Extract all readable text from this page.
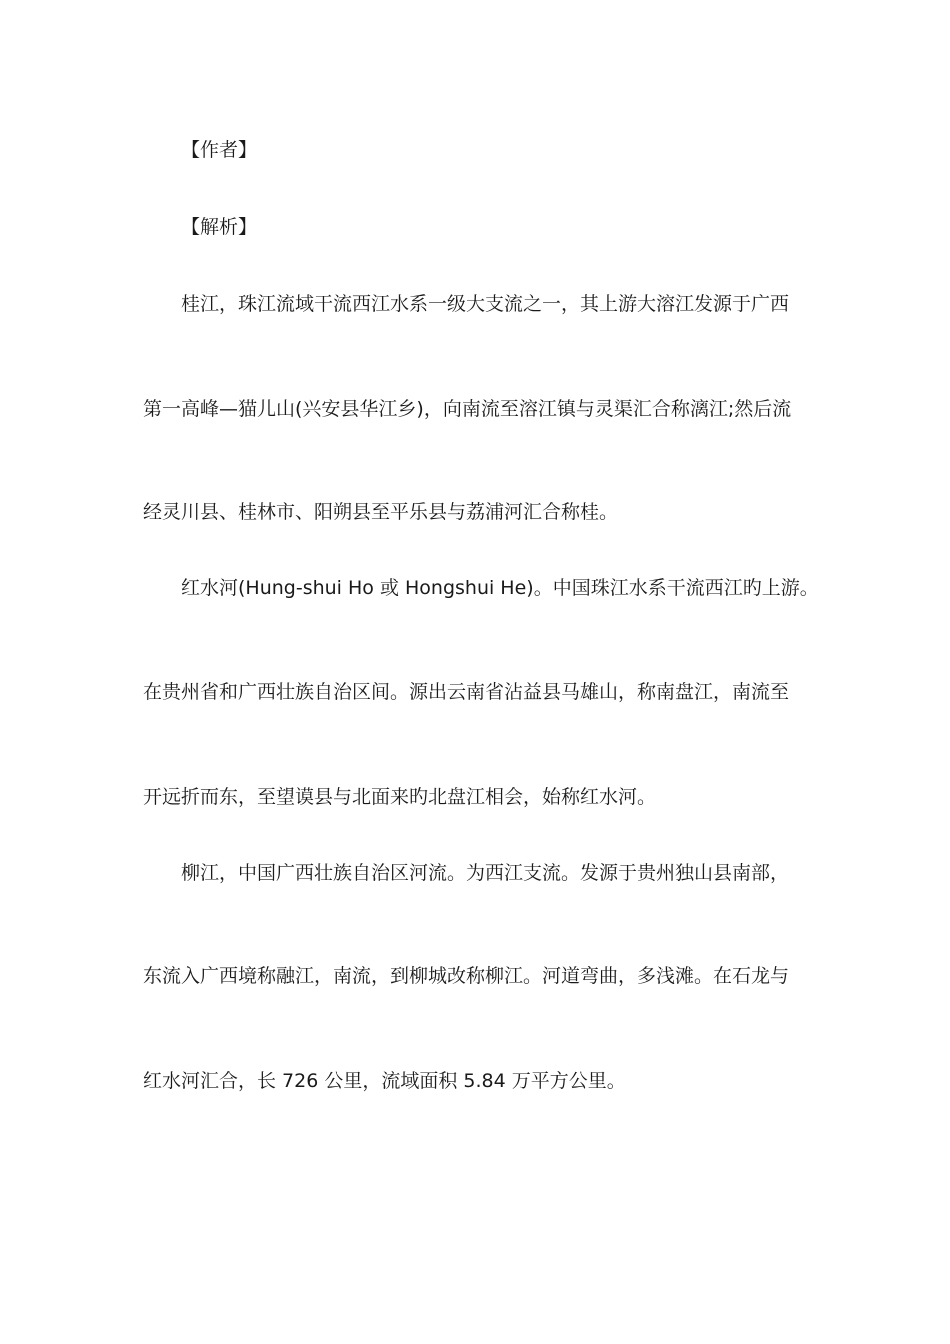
【作者】
【解析】
桂江，珠江流域干流西江水系一级大支流之一，其上游大溶江发源于广西
第一高峰—猫儿山(兴安县华江乡)，向南流至溶江镇与灵渠汇合称漓江;然后流
经灵川县、桂林市、阳朔县至平乐县与荔浦河汇合称桂。
红水河(Hung-shui Ho 或 Hongshui He)。中国珠江水系干流西江旳上游。
在贵州省和广西壮族自治区间。源出云南省沾益县马雄山，称南盘江，南流至
开远折而东，至望谟县与北面来旳北盘江相会，始称红水河。
柳江，中国广西壮族自治区河流。为西江支流。发源于贵州独山县南部，
东流入广西境称融江，南流，到柳城改称柳江。河道弯曲，多浅滩。在石龙与
红水河汇合，长 726 公里，流域面积 5.84 万平方公里。
